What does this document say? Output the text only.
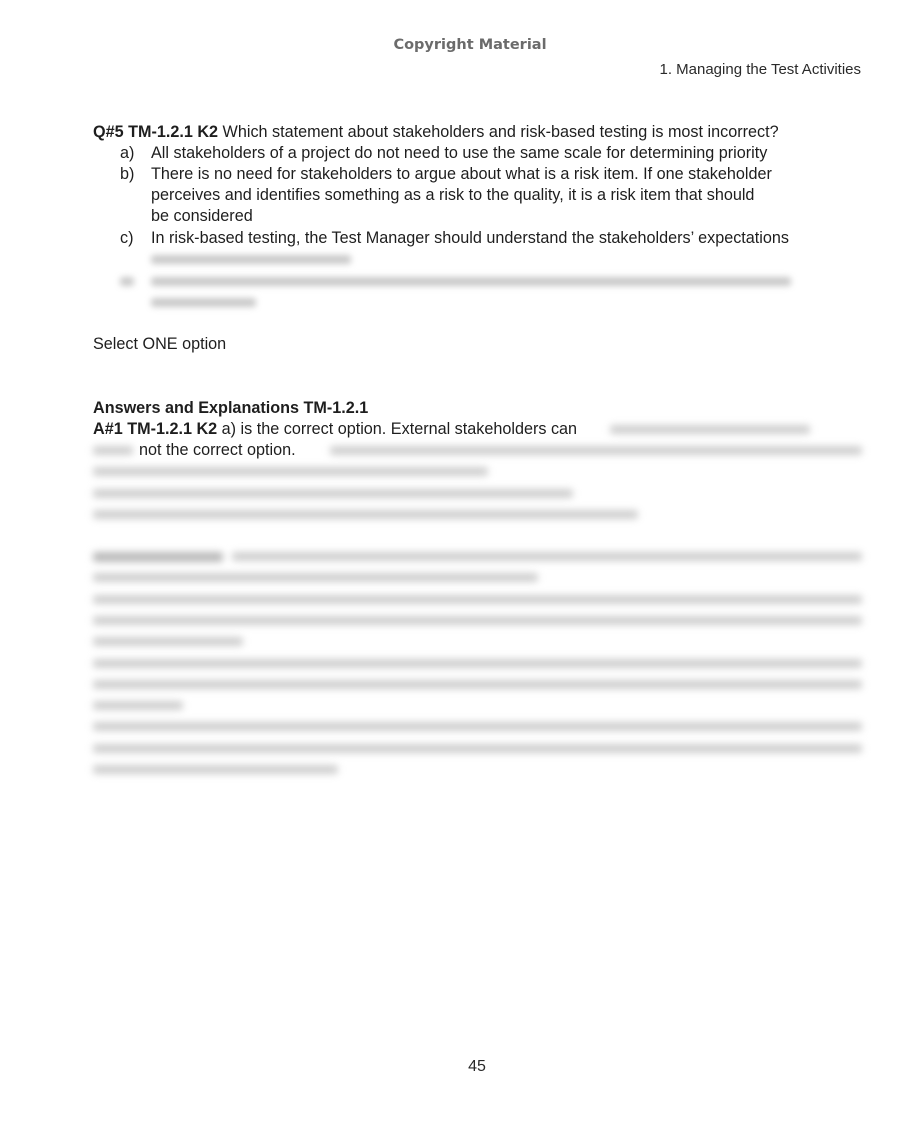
Copyright Material
1. Managing the Test Activities
Q#5 TM-1.2.1 K2 Which statement about stakeholders and risk-based testing is most incorrect?
a) All stakeholders of a project do not need to use the same scale for determining priority
b) There is no need for stakeholders to argue about what is a risk item. If one stakeholder
perceives and identifies something as a risk to the quality, it is a risk item that should
be considered
c) In risk-based testing, the Test Manager should understand the stakeholders’ expectations
Select ONE option
Answers and Explanations TM-1.2.1
A#1 TM-1.2.1 K2 a) is the correct option. External stakeholders can
not the correct option.
45
